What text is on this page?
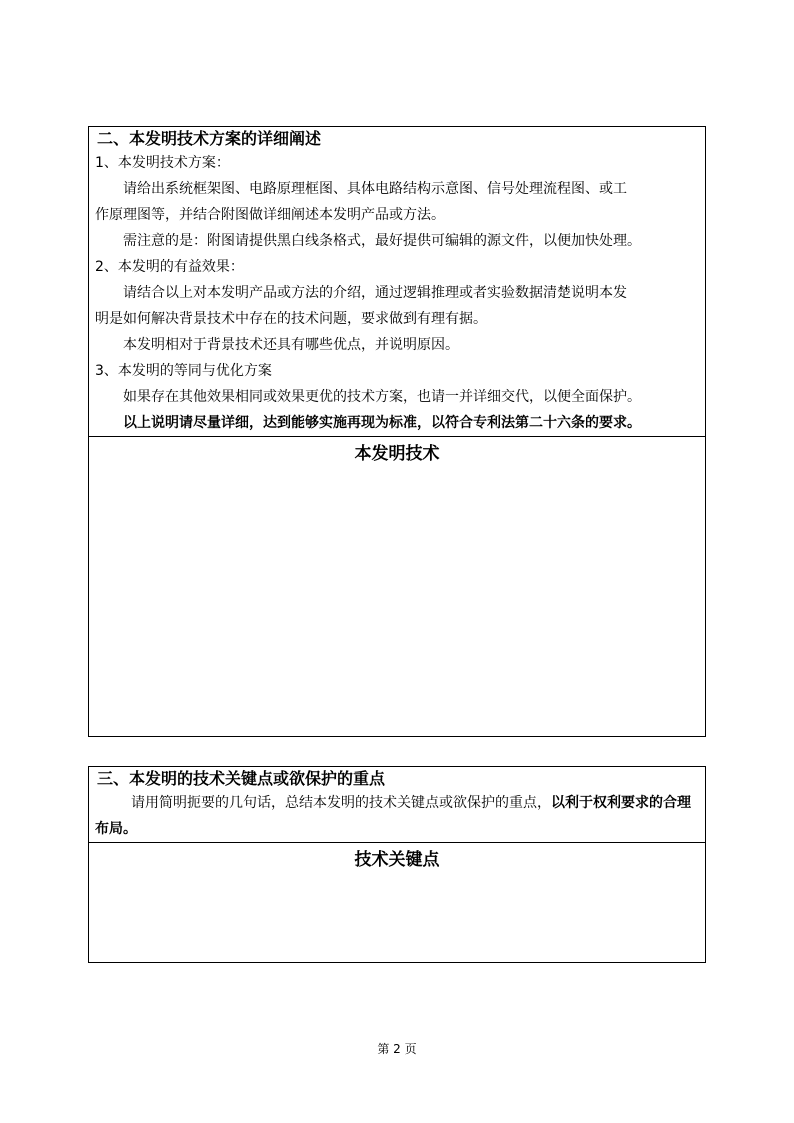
二、本发明技术方案的详细阐述
1、本发明技术方案：
请给出系统框架图、电路原理框图、具体电路结构示意图、信号处理流程图、或工
作原理图等，并结合附图做详细阐述本发明产品或方法。
需注意的是：附图请提供黑白线条格式，最好提供可编辑的源文件，以便加快处理。
2、本发明的有益效果：
请结合以上对本发明产品或方法的介绍，通过逻辑推理或者实验数据清楚说明本发
明是如何解决背景技术中存在的技术问题，要求做到有理有据。
本发明相对于背景技术还具有哪些优点，并说明原因。
3、本发明的等同与优化方案
如果存在其他效果相同或效果更优的技术方案，也请一并详细交代，以便全面保护。
以上说明请尽量详细，达到能够实施再现为标准，以符合专利法第二十六条的要求。
本发明技术
三、本发明的技术关键点或欲保护的重点
请用简明扼要的几句话，总结本发明的技术关键点或欲保护的重点，以利于权利要求的合理布局。
技术关键点
第 2 页
